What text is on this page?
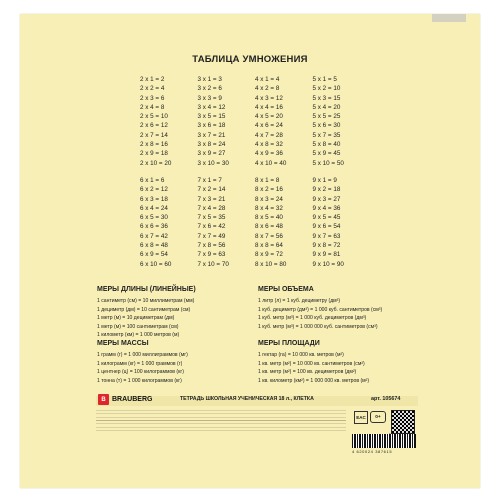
ТАБЛИЦА УМНОЖЕНИЯ
2 x 1 = 2
2 x 2 = 4
2 x 3 = 6
2 x 4 = 8
2 x 5 = 10
2 x 6 = 12
2 x 7 = 14
2 x 8 = 16
2 x 9 = 18
2 x 10 = 20
3 x 1 = 3
3 x 2 = 6
3 x 3 = 9
3 x 4 = 12
3 x 5 = 15
3 x 6 = 18
3 x 7 = 21
3 x 8 = 24
3 x 9 = 27
3 x 10 = 30
4 x 1 = 4
4 x 2 = 8
4 x 3 = 12
4 x 4 = 16
4 x 5 = 20
4 x 6 = 24
4 x 7 = 28
4 x 8 = 32
4 x 9 = 36
4 x 10 = 40
5 x 1 = 5
5 x 2 = 10
5 x 3 = 15
5 x 4 = 20
5 x 5 = 25
5 x 6 = 30
5 x 7 = 35
5 x 8 = 40
5 x 9 = 45
5 x 10 = 50
6 x 1 = 6
6 x 2 = 12
6 x 3 = 18
6 x 4 = 24
6 x 5 = 30
6 x 6 = 36
6 x 7 = 42
6 x 8 = 48
6 x 9 = 54
6 x 10 = 60
7 x 1 = 7
7 x 2 = 14
7 x 3 = 21
7 x 4 = 28
7 x 5 = 35
7 x 6 = 42
7 x 7 = 49
7 x 8 = 56
7 x 9 = 63
7 x 10 = 70
8 x 1 = 8
8 x 2 = 16
8 x 3 = 24
8 x 4 = 32
8 x 5 = 40
8 x 6 = 48
8 x 7 = 56
8 x 8 = 64
8 x 9 = 72
8 x 10 = 80
9 x 1 = 9
9 x 2 = 18
9 x 3 = 27
9 x 4 = 36
9 x 5 = 45
9 x 6 = 54
9 x 7 = 63
9 x 8 = 72
9 x 9 = 81
9 x 10 = 90
МЕРЫ ДЛИНЫ (ЛИНЕЙНЫЕ)
1 сантиметр (см) = 10 миллиметрам (мм)
1 дециметр (дм) = 10 сантиметрам (см)
1 метр (м) = 10 дециметрам (дм)
1 метр (м) = 100 сантиметрам (см)
1 километр (км) = 1 000 метров (м)
МЕРЫ МАССЫ
1 грамм (г) = 1 000 миллиграммов (мг)
1 килограмм (кг) = 1 000 граммов (г)
1 центнер (ц) = 100 килограммов (кг)
1 тонна (т) = 1 000 килограммов (кг)
МЕРЫ ОБЪЕМА
1 литр (л) = 1 куб. дециметру (дм³)
1 куб. дециметр (дм³) = 1 000 куб. сантиметров (см³)
1 куб. метр (м³) = 1 000 куб. дециметров (дм³)
1 куб. метр (м³) = 1 000 000 куб. сантиметров (см³)
МЕРЫ ПЛОЩАДИ
1 гектар (га) = 10 000 кв. метров (м²)
1 кв. метр (м²) = 10 000 кв. сантиметров (см²)
1 кв. метр (м²) = 100 кв. дециметров (дм²)
1 кв. километр (км²) = 1 000 000 кв. метров (м²)
B BRAUBERG	ТЕТРАДЬ ШКОЛЬНАЯ УЧЕНИЧЕСКАЯ 18 л., КЛЕТКА	арт. 105674
EAC	0+
4 620024 387615
